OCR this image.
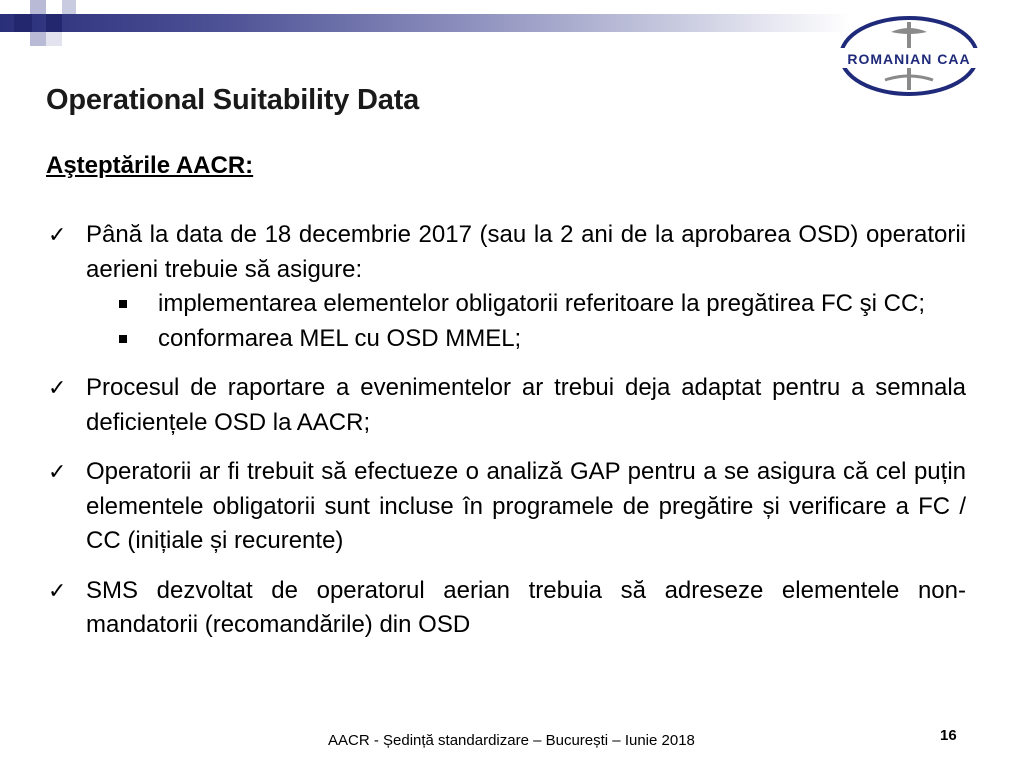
ROMANIAN CAA
Operational Suitability Data
Aşteptările AACR:
✓ Până la data de 18 decembrie 2017 (sau la 2 ani de la aprobarea OSD) operatorii aerieni trebuie să asigure:
implementarea elementelor obligatorii referitoare la pregătirea FC şi CC;
conformarea MEL cu OSD MMEL;
✓ Procesul de raportare a evenimentelor ar trebui deja adaptat pentru a semnala deficiențele OSD la AACR;
✓ Operatorii ar fi trebuit să efectueze o analiză GAP pentru a se asigura că cel puțin elementele obligatorii sunt incluse în programele de pregătire și verificare a FC / CC (inițiale și recurente)
✓ SMS dezvoltat de operatorul aerian trebuia să adreseze elementele non-mandatorii (recomandările) din OSD
AACR - Ședință standardizare – București – Iunie 2018	16
